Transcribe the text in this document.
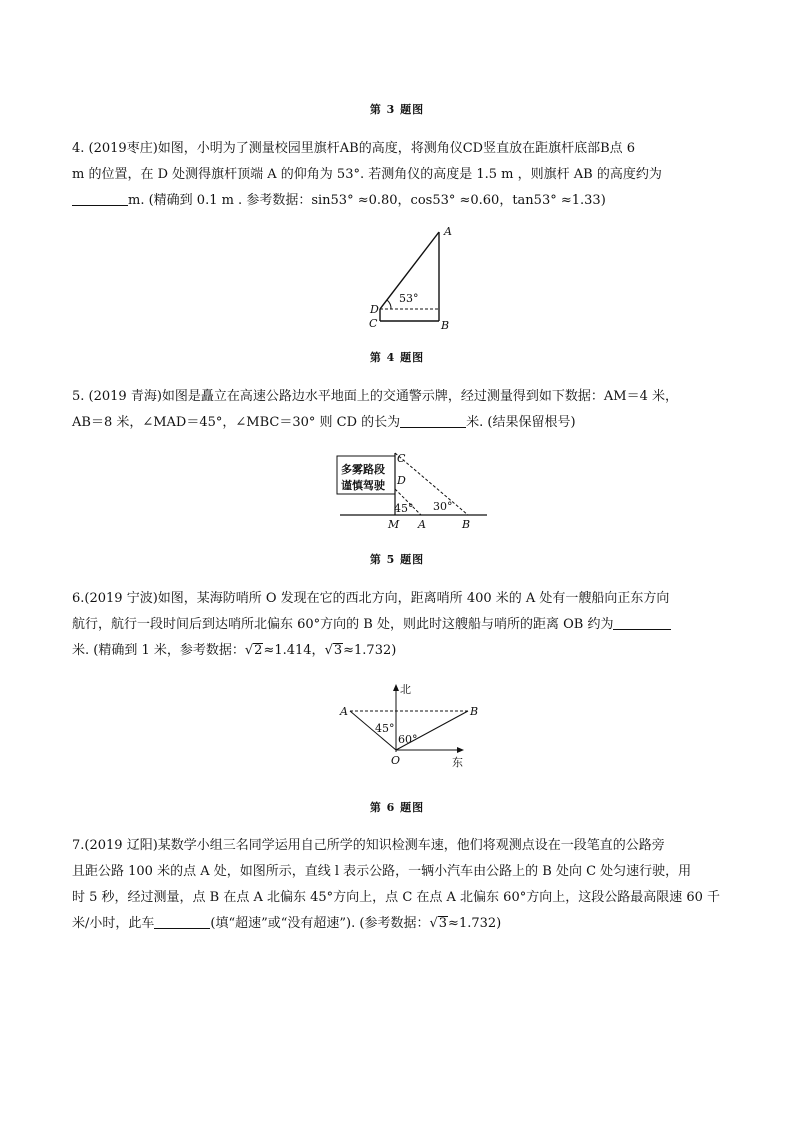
第 3 题图
4. (2019枣庄)如图，小明为了测量校园里旗杆AB的高度，将测角仪CD竖直放在距旗杆底部B点 6
m 的位置，在 D 处测得旗杆顶端 A 的仰角为 53°. 若测角仪的高度是 1.5 m ，则旗杆 AB 的高度约为
m. (精确到 0.1 m . 参考数据：sin53° ≈0.80，cos53° ≈0.60，tan53° ≈1.33)
A
B
C
D
53°
第 4 题图
5. (2019 青海)如图是矗立在高速公路边水平地面上的交通警示牌，经过测量得到如下数据：AM＝4 米，
AB＝8 米，∠MAD＝45°，∠MBC＝30° 则 CD 的长为	米. (结果保留根号)
多雾路段
谨慎驾驶
C
D
M A	B
45° 30°
第 5 题图
6.(2019 宁波)如图，某海防哨所 O 发现在它的西北方向，距离哨所 400 米的 A 处有一艘船向正东方向
航行，航行一段时间后到达哨所北偏东 60°方向的 B 处，则此时这艘船与哨所的距离 OB 约为
米. (精确到 1 米，参考数据：√2≈1.414，√3≈1.732)
北
东
A	B
O
45°
60°
第 6 题图
7.(2019 辽阳)某数学小组三名同学运用自己所学的知识检测车速，他们将观测点设在一段笔直的公路旁
且距公路 100 米的点 A 处，如图所示，直线 l 表示公路，一辆小汽车由公路上的 B 处向 C 处匀速行驶，用
时 5 秒，经过测量，点 B 在点 A 北偏东 45°方向上，点 C 在点 A 北偏东 60°方向上，这段公路最高限速 60 千
米/小时，此车	(填“超速”或“没有超速”). (参考数据：√3≈1.732)
